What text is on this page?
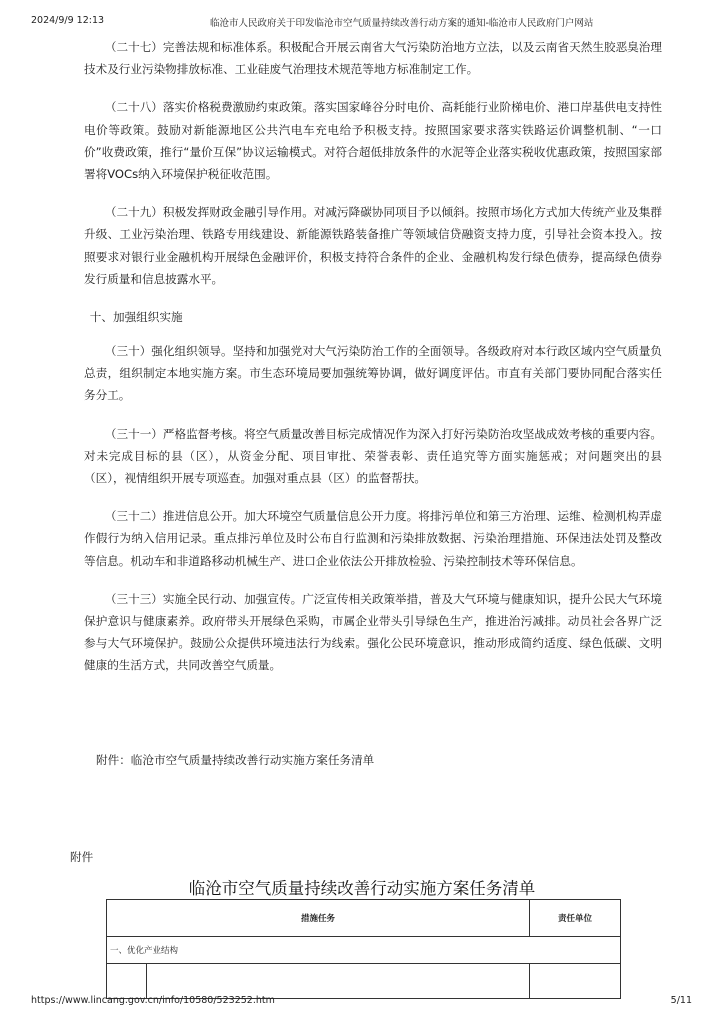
2024/9/9 12:13	临沧市人民政府关于印发临沧市空气质量持续改善行动方案的通知-临沧市人民政府门户网站

（二十七）完善法规和标准体系。积极配合开展云南省大气污染防治地方立法，以及云南省天然生胶恶臭治理技术及行业污染物排放标准、工业硅废气治理技术规范等地方标准制定工作。

（二十八）落实价格税费激励约束政策。落实国家峰谷分时电价、高耗能行业阶梯电价、港口岸基供电支持性电价等政策。鼓励对新能源地区公共汽电车充电给予积极支持。按照国家要求落实铁路运价调整机制、“一口价”收费政策，推行“量价互保”协议运输模式。对符合超低排放条件的水泥等企业落实税收优惠政策，按照国家部署将VOCs纳入环境保护税征收范围。

（二十九）积极发挥财政金融引导作用。对减污降碳协同项目予以倾斜。按照市场化方式加大传统产业及集群升级、工业污染治理、铁路专用线建设、新能源铁路装备推广等领域信贷融资支持力度，引导社会资本投入。按照要求对银行业金融机构开展绿色金融评价，积极支持符合条件的企业、金融机构发行绿色债券，提高绿色债券发行质量和信息披露水平。

十、加强组织实施

（三十）强化组织领导。坚持和加强党对大气污染防治工作的全面领导。各级政府对本行政区域内空气质量负总责，组织制定本地实施方案。市生态环境局要加强统筹协调，做好调度评估。市直有关部门要协同配合落实任务分工。

（三十一）严格监督考核。将空气质量改善目标完成情况作为深入打好污染防治攻坚战成效考核的重要内容。对未完成目标的县（区），从资金分配、项目审批、荣誉表彰、责任追究等方面实施惩戒；对问题突出的县（区），视情组织开展专项巡查。加强对重点县（区）的监督帮扶。

（三十二）推进信息公开。加大环境空气质量信息公开力度。将排污单位和第三方治理、运维、检测机构弄虚作假行为纳入信用记录。重点排污单位及时公布自行监测和污染排放数据、污染治理措施、环保违法处罚及整改等信息。机动车和非道路移动机械生产、进口企业依法公开排放检验、污染控制技术等环保信息。

（三十三）实施全民行动、加强宣传。广泛宣传相关政策举措，普及大气环境与健康知识，提升公民大气环境保护意识与健康素养。政府带头开展绿色采购，市属企业带头引导绿色生产，推进治污减排。动员社会各界广泛参与大气环境保护。鼓励公众提供环境违法行为线索。强化公民环境意识，推动形成简约适度、绿色低碳、文明健康的生活方式，共同改善空气质量。

附件：临沧市空气质量持续改善行动实施方案任务清单
附件
临沧市空气质量持续改善行动实施方案任务清单
措施任务		责任单位
一、优化产业结构		

https://www.lincang.gov.cn/info/10580/523252.htm	5/11
